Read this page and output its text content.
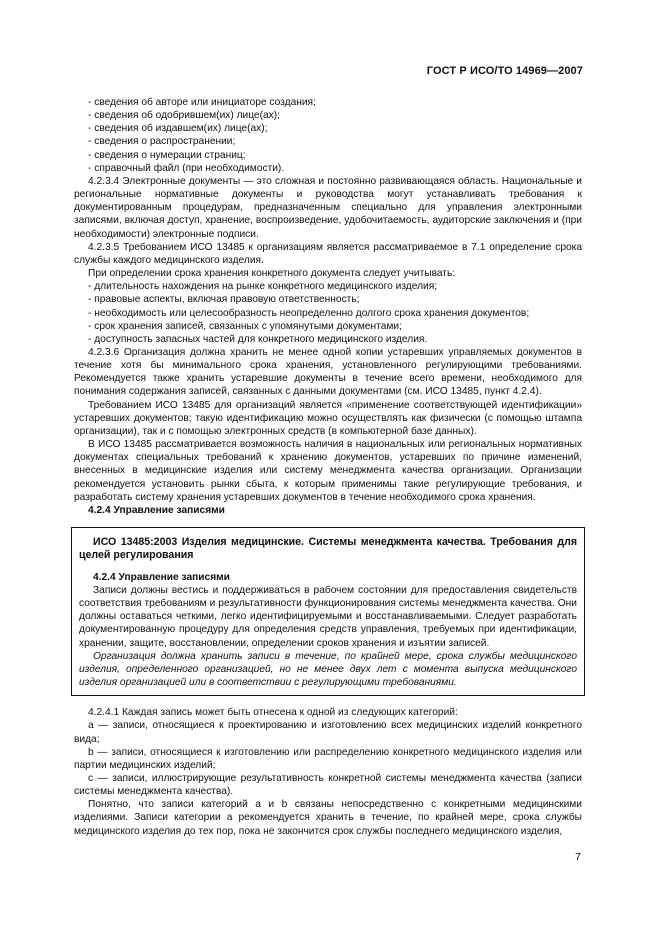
ГОСТ Р ИСО/ТО 14969—2007

- сведения об авторе или инициаторе создания;

- сведения об одобрившем(их) лице(ах);

- сведения об издавшем(их) лице(ах);

- сведения о распространении;

- сведения о нумерации страниц;

- справочный файл (при необходимости).

4.2.3.4 Электронные документы — это сложная и постоянно развивающаяся область. Национальные и региональные нормативные документы и руководства могут устанавливать требования к документированным процедурам, предназначенным специально для управления электронными записями, включая доступ, хранение, воспроизведение, удобочитаемость, аудиторские заключения и (при необходимости) электронные подписи.

4.2.3.5 Требованием ИСО 13485 к организациям является рассматриваемое в 7.1 определение срока службы каждого медицинского изделия.

При определении срока хранения конкретного документа следует учитывать:

- длительность нахождения на рынке конкретного медицинского изделия;

- правовые аспекты, включая правовую ответственность;

- необходимость или целесообразность неопределенно долгого срока хранения документов;

- срок хранения записей, связанных с упомянутыми документами;

- доступность запасных частей для конкретного медицинского изделия.

4.2.3.6 Организация должна хранить не менее одной копии устаревших управляемых документов в течение хотя бы минимального срока хранения, установленного регулирующими требованиями. Рекомендуется также хранить устаревшие документы в течение всего времени, необходимого для понимания содержания записей, связанных с данными документами (см. ИСО 13485, пункт 4.2.4).

Требованием ИСО 13485 для организаций является «применение соответствующей идентификации» устаревших документов; такую идентификацию можно осуществлять как физически (с помощью штампа организации), так и с помощью электронных средств (в компьютерной базе данных).

В ИСО 13485 рассматривается возможность наличия в национальных или региональных нормативных документах специальных требований к хранению документов, устаревших по причине изменений, внесенных в медицинские изделия или систему менеджмента качества организации. Организации рекомендуется установить рынки сбыта, к которым применимы такие регулирующие требования, и разработать систему хранения устаревших документов в течение необходимого срока хранения.

4.2.4 Управление записями

ИСО 13485:2003 Изделия медицинские. Системы менеджмента качества. Требования для целей регулирования

4.2.4 Управление записями

Записи должны вестись и поддерживаться в рабочем состоянии для предоставления свидетельств соответствия требованиям и результативности функционирования системы менеджмента качества. Они должны оставаться четкими, легко идентифицируемыми и восстанавливаемыми. Следует разработать документированную процедуру для определения средств управления, требуемых при идентификации, хранении, защите, восстановлении, определении сроков хранения и изъятии записей.

Организация должна хранить записи в течение, по крайней мере, срока службы медицинского изделия, определенного организацией, но не менее двух лет с момента выпуска медицинского изделия организацией или в соответствии с регулирующими требованиями.

4.2.4.1 Каждая запись может быть отнесена к одной из следующих категорий:

а — записи, относящиеся к проектированию и изготовлению всех медицинских изделий конкретного вида;

b — записи, относящиеся к изготовлению или распределению конкретного медицинского изделия или партии медицинских изделий;

с — записи, иллюстрирующие результативность конкретной системы менеджмента качества (записи системы менеджмента качества).

Понятно, что записи категорий а и b связаны непосредственно с конкретными медицинскими изделиями. Записи категории а рекомендуется хранить в течение, по крайней мере, срока службы медицинского изделия до тех пор, пока не закончится срок службы последнего медицинского изделия,

7
